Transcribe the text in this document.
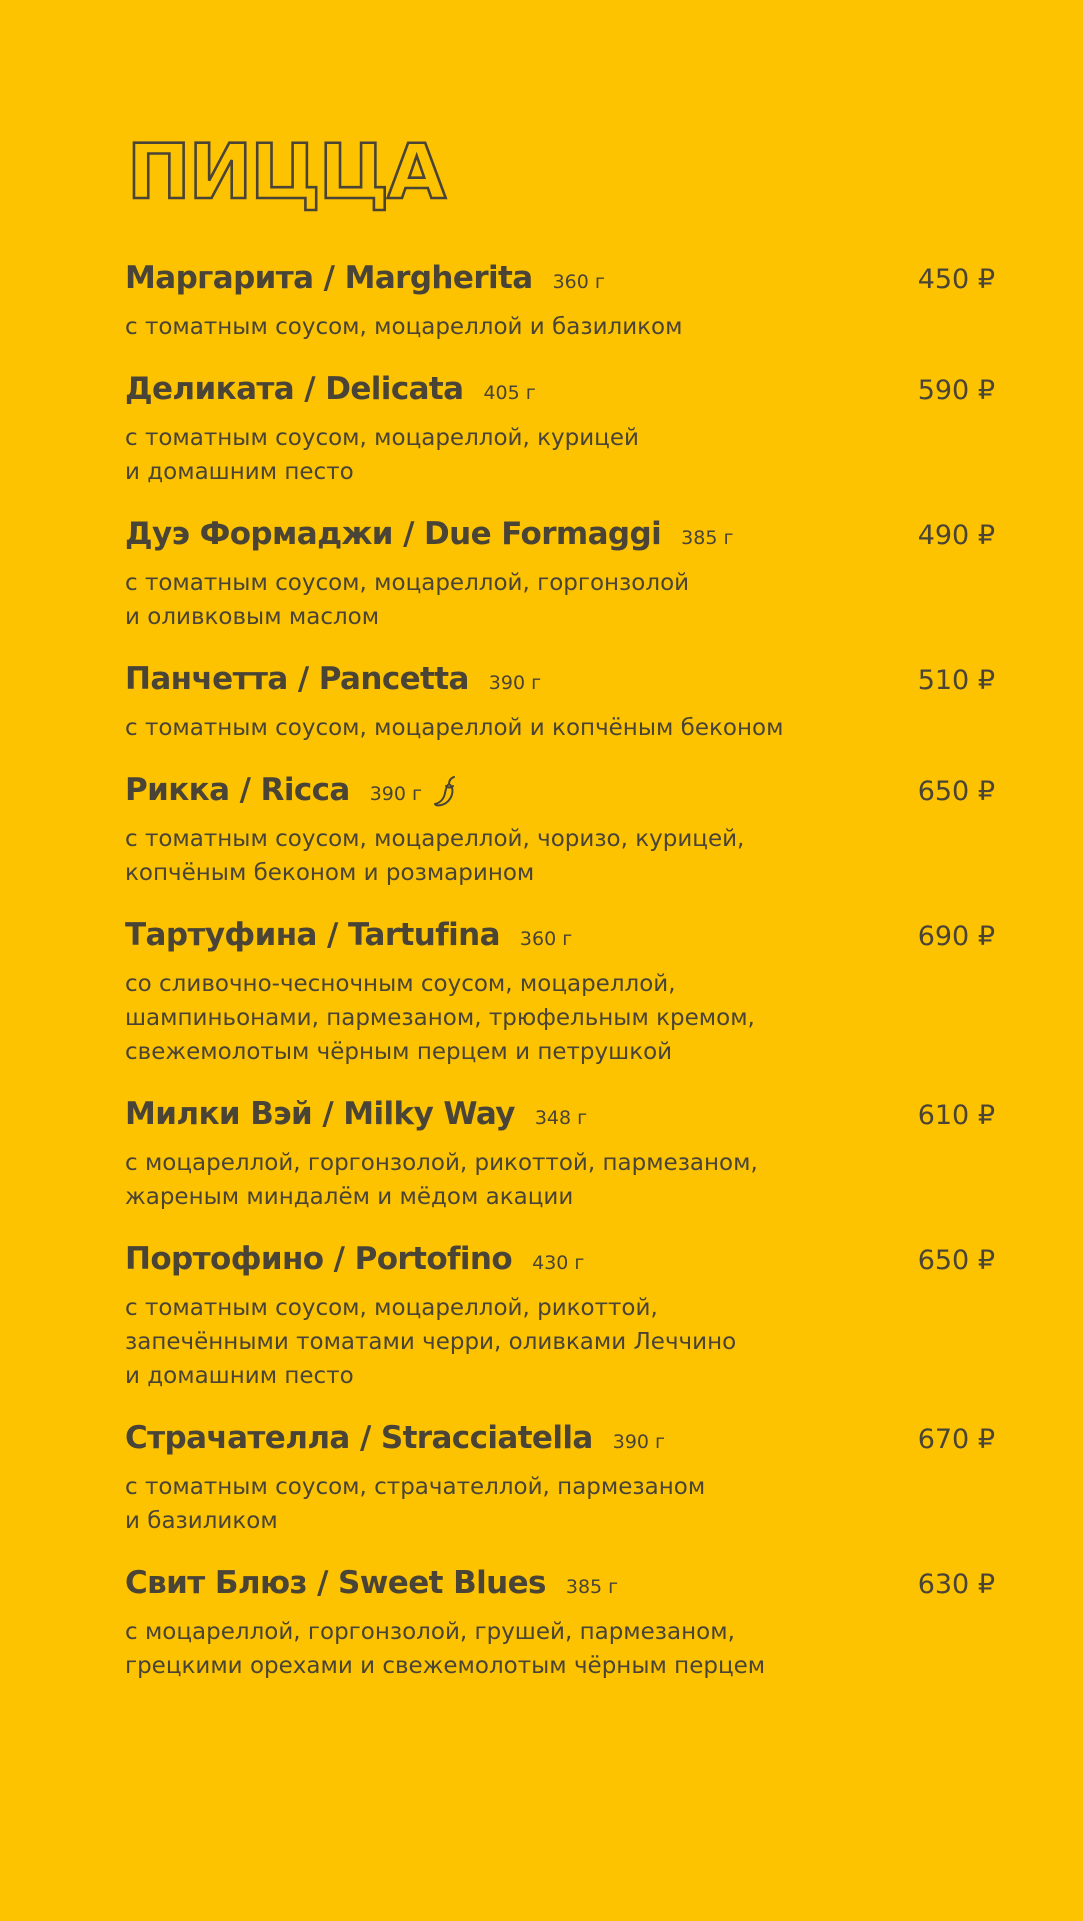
ПИЦЦА
Маргарита / Margherita 360 г	450 ₽
с томатным соусом, моцареллой и базиликом
Деликата / Delicata 405 г	590 ₽
с томатным соусом, моцареллой, курицей
и домашним песто
Дуэ Формаджи / Due Formaggi 385 г	490 ₽
с томатным соусом, моцареллой, горгонзолой
и оливковым маслом
Панчетта / Pancetta 390 г	510 ₽
с томатным соусом, моцареллой и копчёным беконом
Рикка / Ricca 390 г	650 ₽
с томатным соусом, моцареллой, чоризо, курицей,
копчёным беконом и розмарином
Тартуфина / Tartufina 360 г	690 ₽
со сливочно-чесночным соусом, моцареллой,
шампиньонами, пармезаном, трюфельным кремом,
свежемолотым чёрным перцем и петрушкой
Милки Вэй / Milky Way 348 г	610 ₽
с моцареллой, горгонзолой, рикоттой, пармезаном,
жареным миндалём и мёдом акации
Портофино / Portofino 430 г	650 ₽
с томатным соусом, моцареллой, рикоттой,
запечёнными томатами черри, оливками Леччино
и домашним песто
Страчателла / Stracciatella 390 г	670 ₽
с томатным соусом, страчателлой, пармезаном
и базиликом
Свит Блюз / Sweet Blues 385 г	630 ₽
с моцареллой, горгонзолой, грушей, пармезаном,
грецкими орехами и свежемолотым чёрным перцем
